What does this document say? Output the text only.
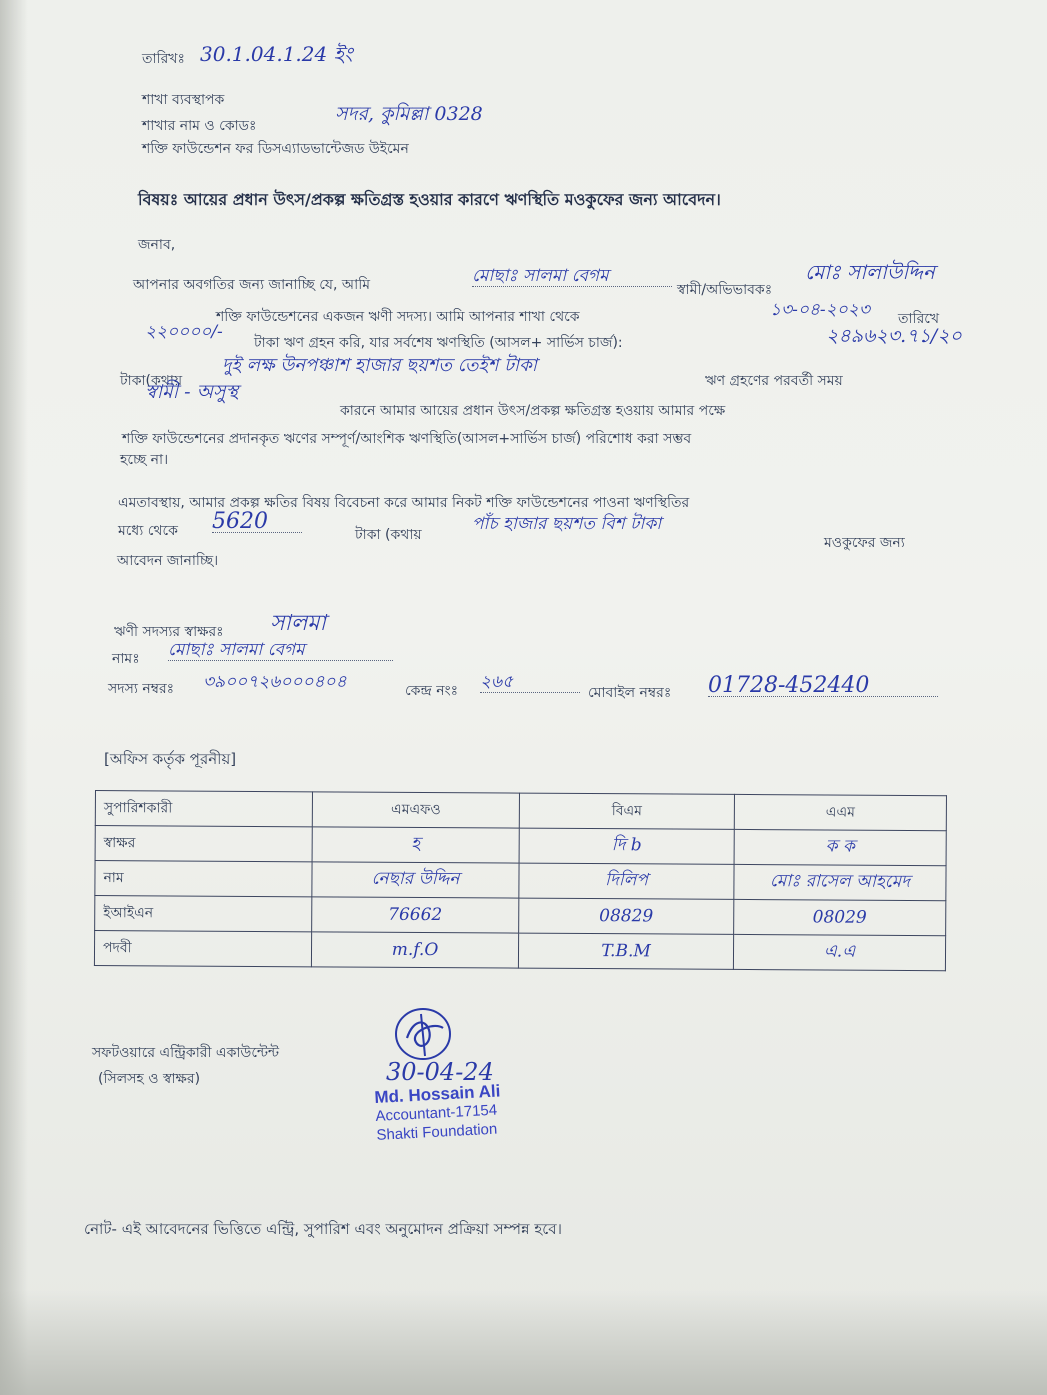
তারিখঃ 30.1.04.1.24 ইং
শাখা ব্যবস্থাপক
শাখার নাম ও কোডঃ
সদর, কুমিল্লা 0328
শক্তি ফাউন্ডেশন ফর ডিসএ্যাডভান্টেজড উইমেন
বিষয়ঃ আয়ের প্রধান উৎস/প্রকল্প ক্ষতিগ্রস্ত হওয়ার কারণে ঋণস্থিতি মওকুফের জন্য আবেদন।
জনাব,
আপনার অবগতির জন্য জানাচ্ছি যে, আমি	মোছাঃ সালমা বেগম
স্বামী/অভিভাবকঃ
মোঃ সালাউদ্দিন
শক্তি ফাউন্ডেশনের একজন ঋণী সদস্য। আমি আপনার শাখা থেকে	১৩-০৪-২০২৩ তারিখে
২২০০০০/-
টাকা ঋণ গ্রহন করি, যার সর্বশেষ ঋণস্থিতি (আসল+ সার্ভিস চার্জ):	২৪৯৬২৩.৭১/২০
টাকা(কথায়
দুই লক্ষ উনপঞ্চাশ হাজার ছয়শত তেইশ টাকা
ঋণ গ্রহণের পরবর্তী সময়
স্বামী - অসুস্থ
কারনে আমার আয়ের প্রধান উৎস/প্রকল্প ক্ষতিগ্রস্ত হওয়ায় আমার পক্ষে
শক্তি ফাউন্ডেশনের প্রদানকৃত ঋণের সম্পূর্ণ/আংশিক ঋণস্থিতি(আসল+সার্ভিস চার্জ) পরিশোধ করা সম্ভব
হচ্ছে না।
এমতাবস্থায়, আমার প্রকল্প ক্ষতির বিষয় বিবেচনা করে আমার নিকট শক্তি ফাউন্ডেশনের পাওনা ঋণস্থিতির
মধ্যে থেকে 5620
টাকা (কথায়
পাঁচ হাজার ছয়শত বিশ টাকা
মওকুফের জন্য
আবেদন জানাচ্ছি।
ঋণী সদস্যর স্বাক্ষরঃ সালমা
নামঃ মোছাঃ সালমা বেগম
সদস্য নম্বরঃ ৩৯০০৭২৬০০০৪০৪	কেন্দ্র নংঃ ২৬৫
মোবাইল নম্বরঃ 01728-452440
[অফিস কর্তৃক পূরনীয়]
সুপারিশকারী	এমএফও	বিএম	এএম
স্বাক্ষর	হ	দি b	ক ক
নাম	নেছার উদ্দিন	দিলিপ	মোঃ রাসেল আহমেদ
ইআইএন	76662	08829	08029
পদবী	m.f.O	T.B.M	এ.এ
সফটওয়ারে এন্ট্রিকারী একাউন্টেন্ট
(সিলসহ ও স্বাক্ষর)	30-04-24
Md. Hossain Ali
Accountant-17154
Shakti Foundation
নোট- এই আবেদনের ভিত্তিতে এন্ট্রি, সুপারিশ এবং অনুমোদন প্রক্রিয়া সম্পন্ন হবে।
